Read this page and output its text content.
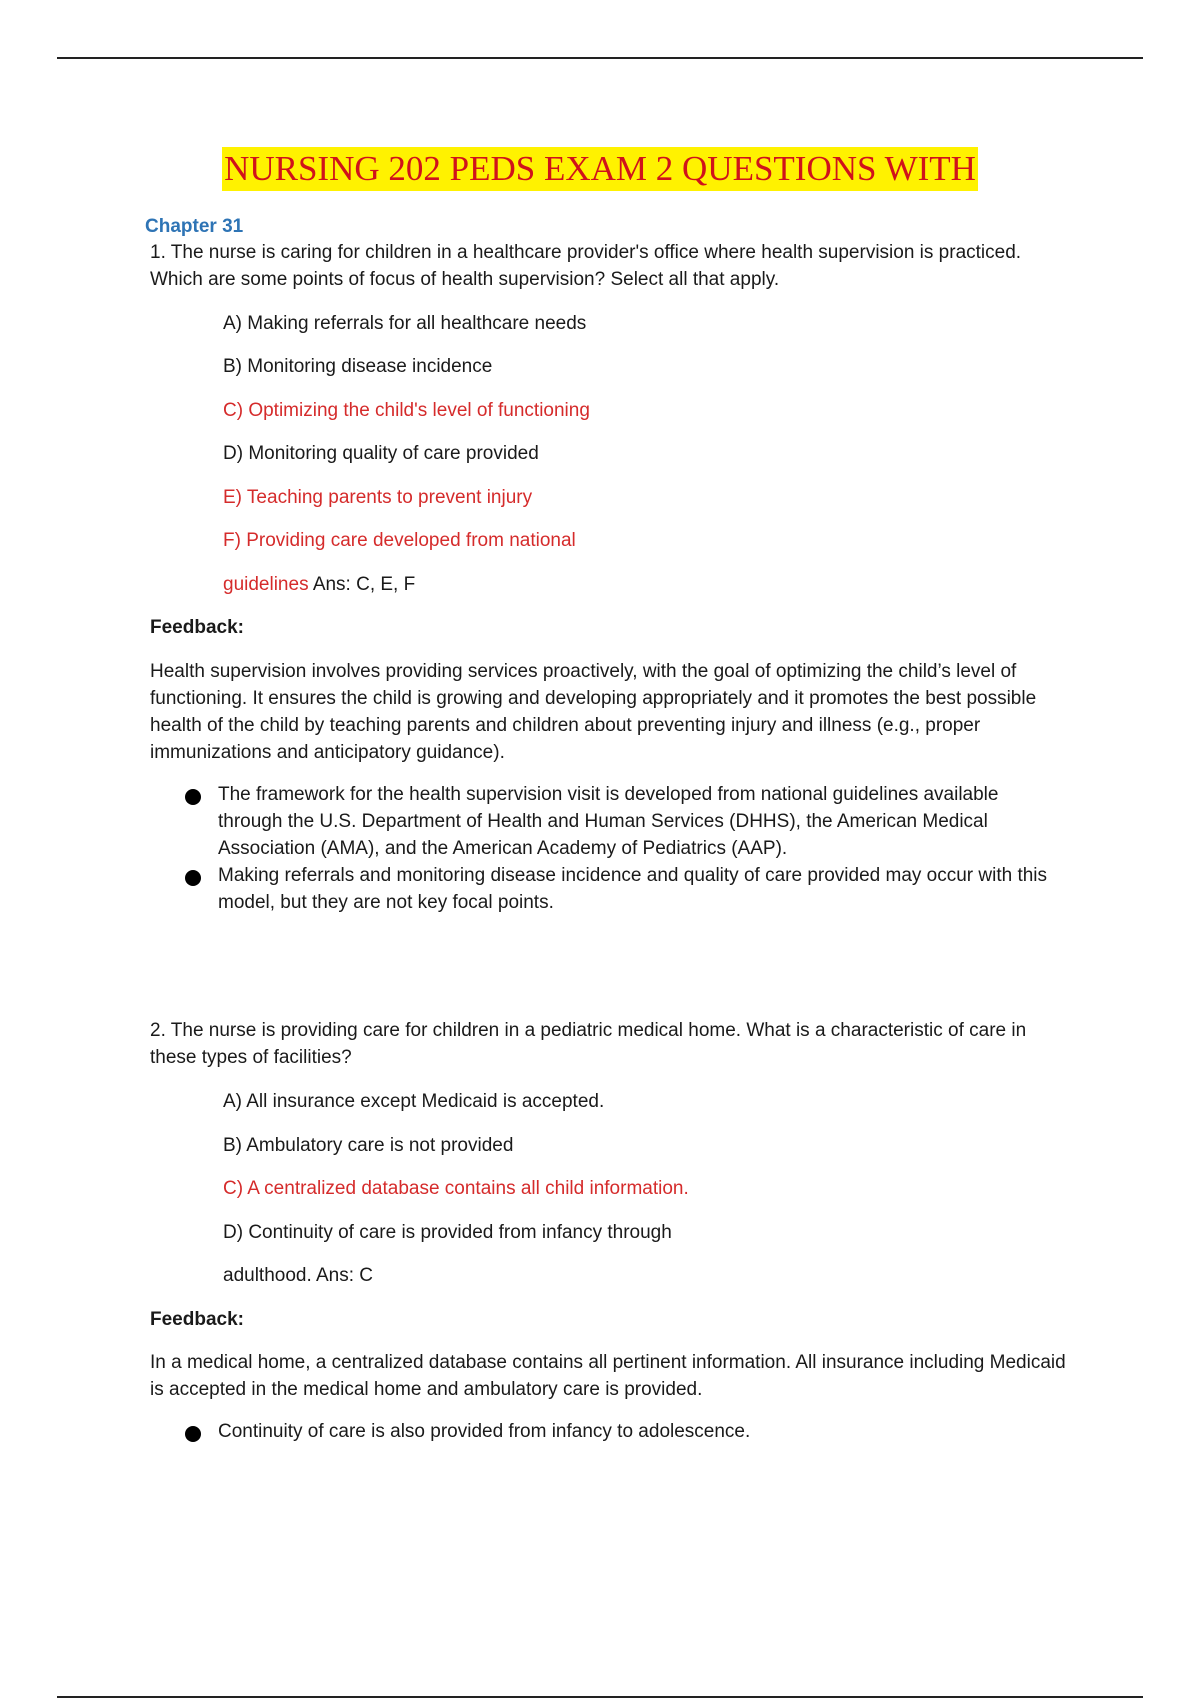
NURSING 202 PEDS EXAM 2 QUESTIONS WITH
Chapter 31
1. The nurse is caring for children in a healthcare provider's office where health supervision is practiced. Which are some points of focus of health supervision? Select all that apply.
A) Making referrals for all healthcare needs
B) Monitoring disease incidence
C) Optimizing the child's level of functioning
D) Monitoring quality of care provided
E) Teaching parents to prevent injury
F) Providing care developed from national
guidelines Ans: C, E, F
Feedback:
Health supervision involves providing services proactively, with the goal of optimizing the child’s level of functioning. It ensures the child is growing and developing appropriately and it promotes the best possible health of the child by teaching parents and children about preventing injury and illness (e.g., proper immunizations and anticipatory guidance).
The framework for the health supervision visit is developed from national guidelines available through the U.S. Department of Health and Human Services (DHHS), the American Medical Association (AMA), and the American Academy of Pediatrics (AAP).
Making referrals and monitoring disease incidence and quality of care provided may occur with this model, but they are not key focal points.
2. The nurse is providing care for children in a pediatric medical home. What is a characteristic of care in these types of facilities?
A) All insurance except Medicaid is accepted.
B) Ambulatory care is not provided
C) A centralized database contains all child information.
D) Continuity of care is provided from infancy through
adulthood. Ans: C
Feedback:
In a medical home, a centralized database contains all pertinent information. All insurance including Medicaid is accepted in the medical home and ambulatory care is provided.
Continuity of care is also provided from infancy to adolescence.
